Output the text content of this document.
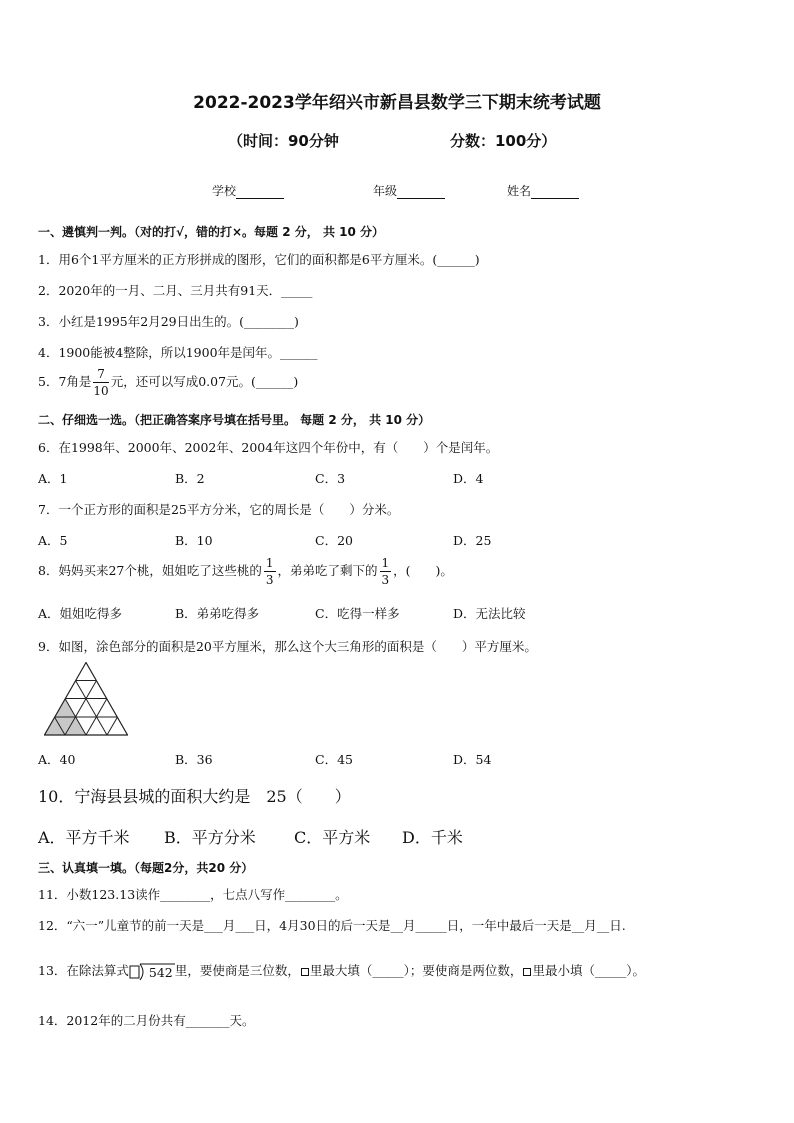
2022-2023学年绍兴市新昌县数学三下期末统考试题
（时间：90分钟	分数：100分）
学校	年级	姓名
一、遴慎判一判。（对的打√，错的打×。每题 2 分， 共 10 分）
1．用6个1平方厘米的正方形拼成的图形，它们的面积都是6平方厘米。(______)
2．2020年的一月、二月、三月共有91天．_____
3．小红是1995年2月29日出生的。(________)
4．1900能被4整除，所以1900年是闰年。______
5．7角是 $\frac{7}{10}$ 元，还可以写成0.07元。(______)
二、仔细选一选。（把正确答案序号填在括号里。 每题 2 分， 共 10 分）
6．在1998年、2000年、2002年、2004年这四个年份中，有（　　）个是闰年。
A．1	B．2	C．3	D．4
7．一个正方形的面积是25平方分米，它的周长是（　　）分米。
A．5	B．10	C．20	D．25
8．妈妈买来27个桃，姐姐吃了这些桃的 $\frac{1}{3}$ ，弟弟吃了剩下的 $\frac{1}{3}$ ，(　　)。
A．姐姐吃得多	B．弟弟吃得多	C．吃得一样多	D．无法比较
9．如图，涂色部分的面积是20平方厘米，那么这个大三角形的面积是（　　）平方厘米。
A．40	B．36	C．45	D．54
10．宁海县县城的面积大约是　25（　　）
A．平方千米 B．平方分米 C．平方米 D．千米
三、认真填一填。（每题2分，共20 分）
11．小数123.13读作________，七点八写作________。
12．“六一”儿童节的前一天是___月___日，4月30日的后一天是__月_____日，一年中最后一天是__月__日.
13．在除法算式 542 里，要使商是三位数， 里最大填（_____）；要使商是两位数， 里最小填（_____）。
14．2012年的二月份共有_______天。
